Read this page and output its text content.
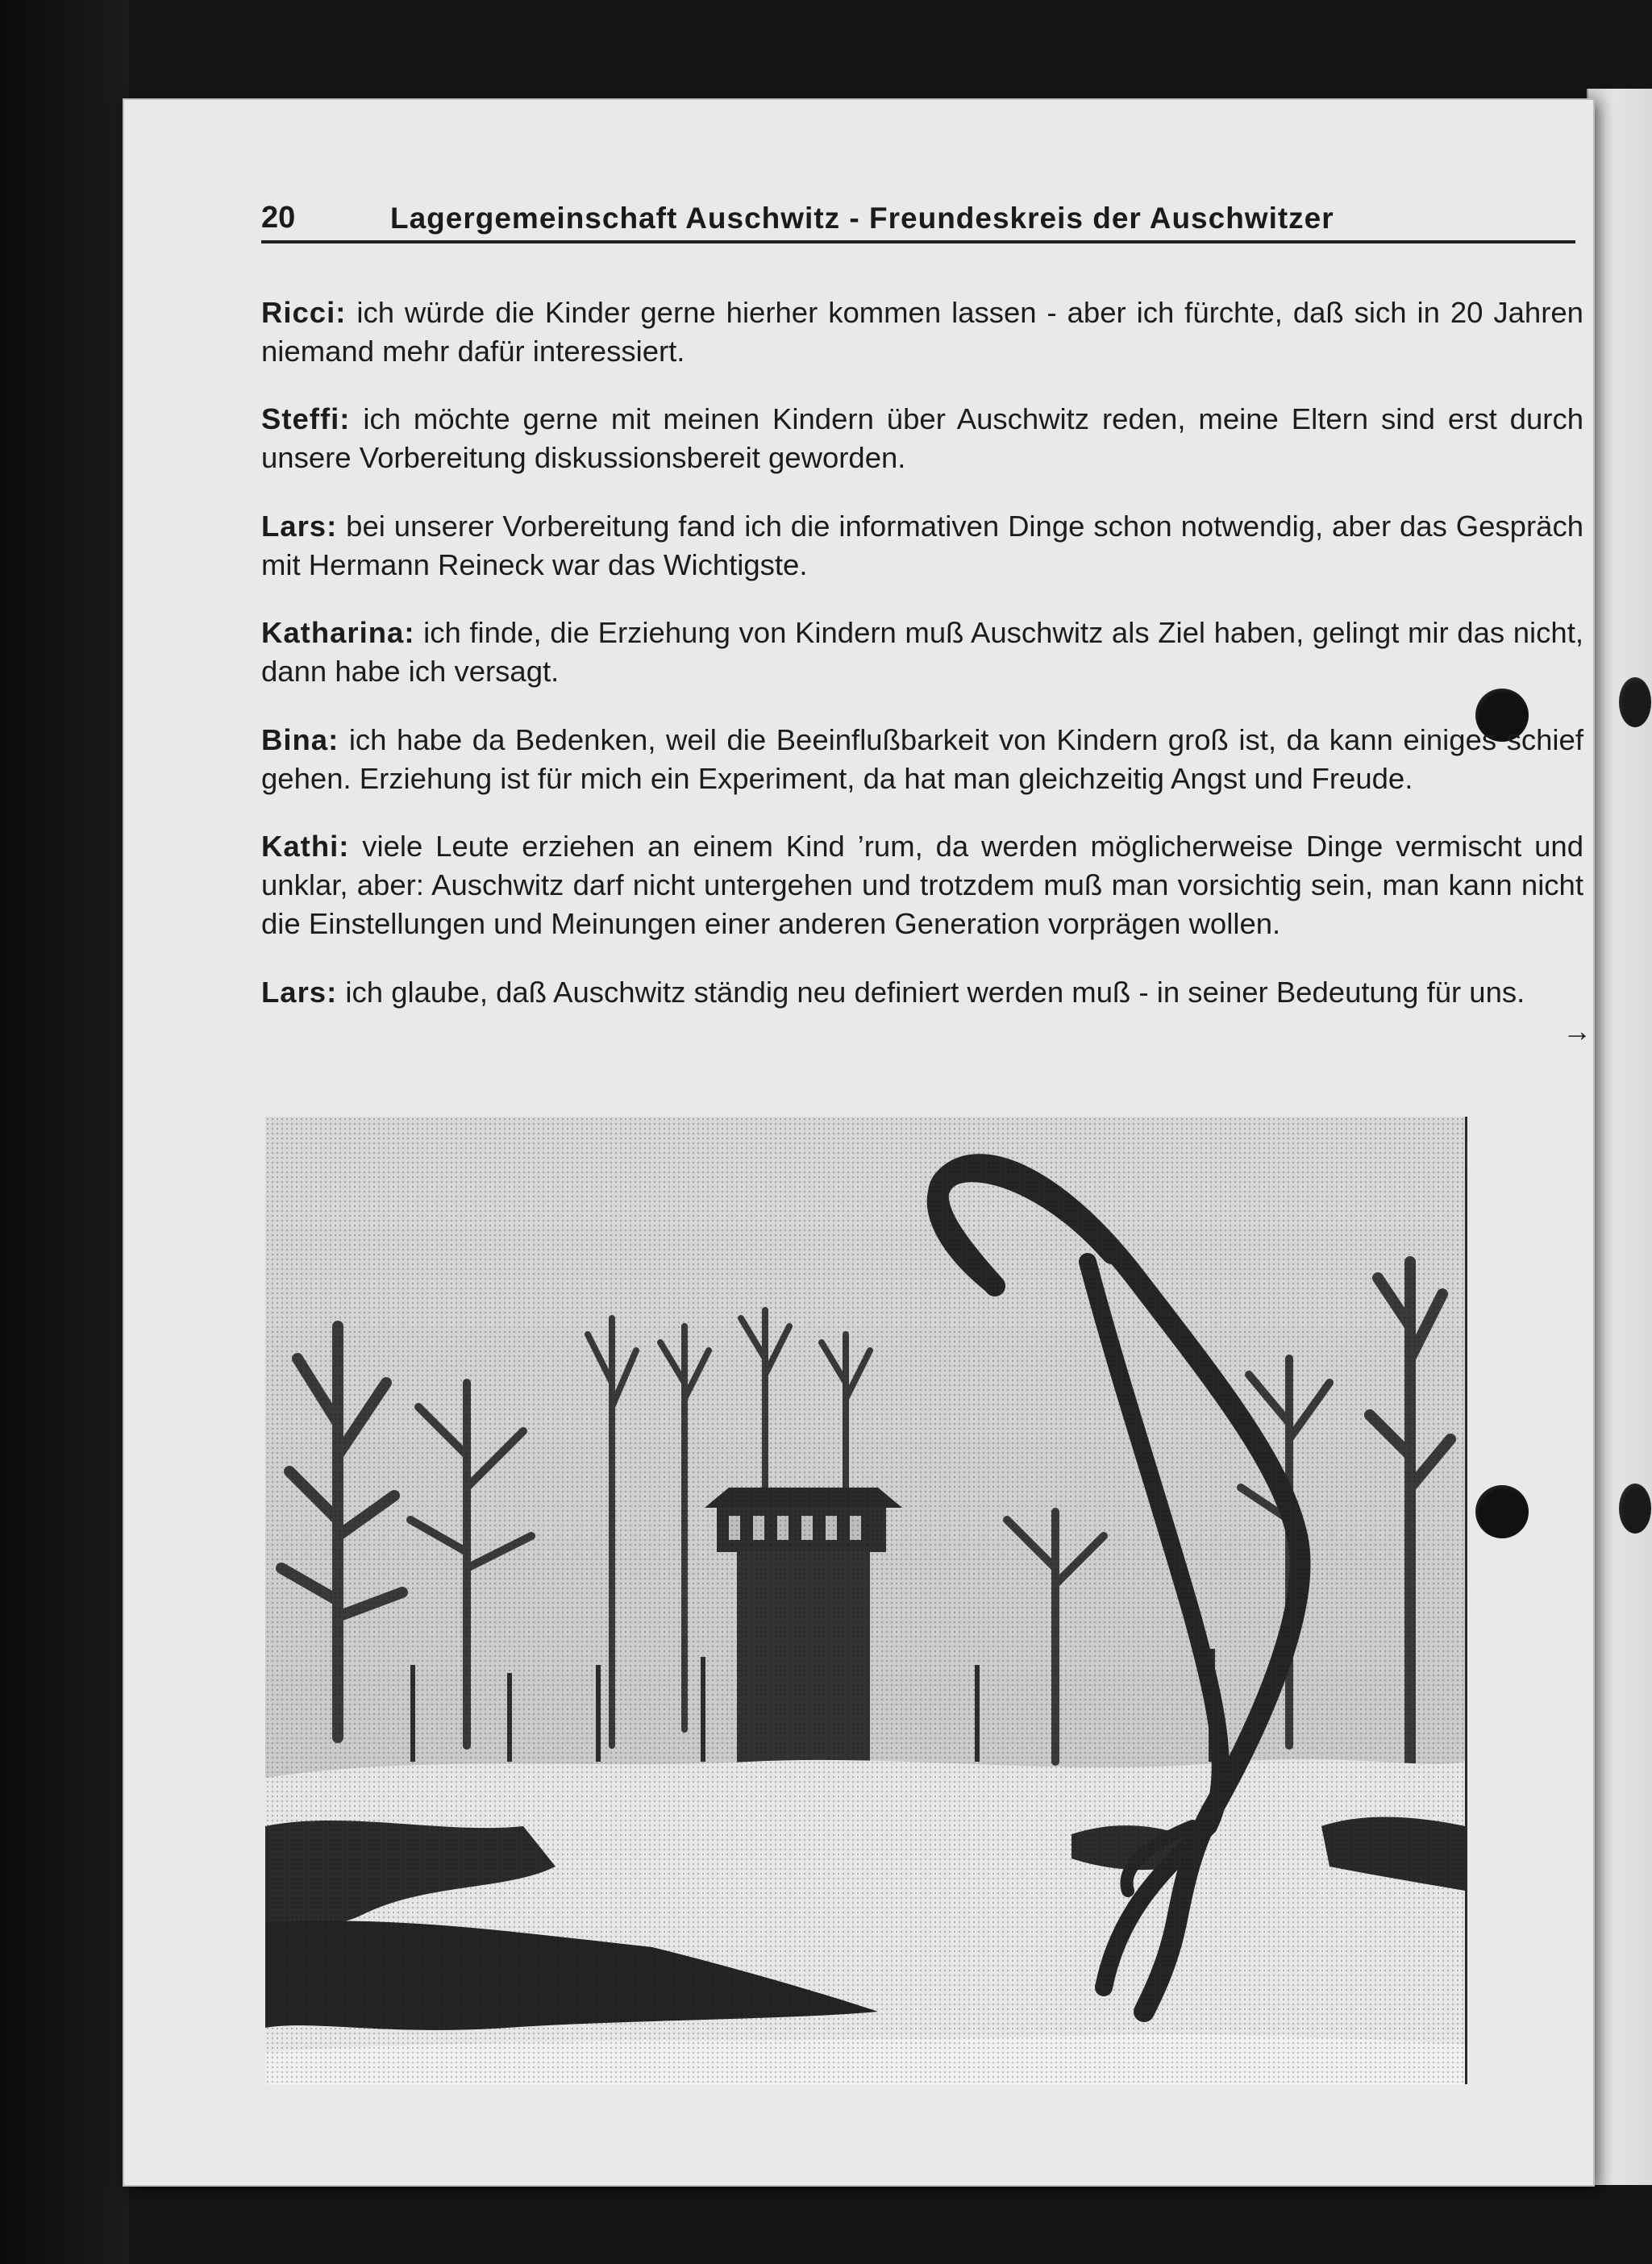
20	Lagergemeinschaft Auschwitz - Freundeskreis der Auschwitzer

Ricci: ich würde die Kinder gerne hierher kommen lassen - aber ich fürchte, daß sich in 20 Jahren niemand mehr dafür interessiert.

Steffi: ich möchte gerne mit meinen Kindern über Auschwitz reden, meine Eltern sind erst durch unsere Vorbereitung diskussionsbereit geworden.

Lars: bei unserer Vorbereitung fand ich die informativen Dinge schon notwendig, aber das Gespräch mit Hermann Reineck war das Wichtigste.

Katharina: ich finde, die Erziehung von Kindern muß Auschwitz als Ziel haben, gelingt mir das nicht, dann habe ich versagt.

Bina: ich habe da Bedenken, weil die Beeinflußbarkeit von Kindern groß ist, da kann einiges schief gehen. Erziehung ist für mich ein Experiment, da hat man gleichzeitig Angst und Freude.

Kathi: viele Leute erziehen an einem Kind ’rum, da werden möglicherweise Dinge vermischt und unklar, aber: Auschwitz darf nicht untergehen und trotzdem muß man vorsichtig sein, man kann nicht die Einstellungen und Meinungen einer anderen Generation vorprägen wollen.

Lars: ich glaube, daß Auschwitz ständig neu definiert werden muß - in seiner Bedeutung für uns.
→
